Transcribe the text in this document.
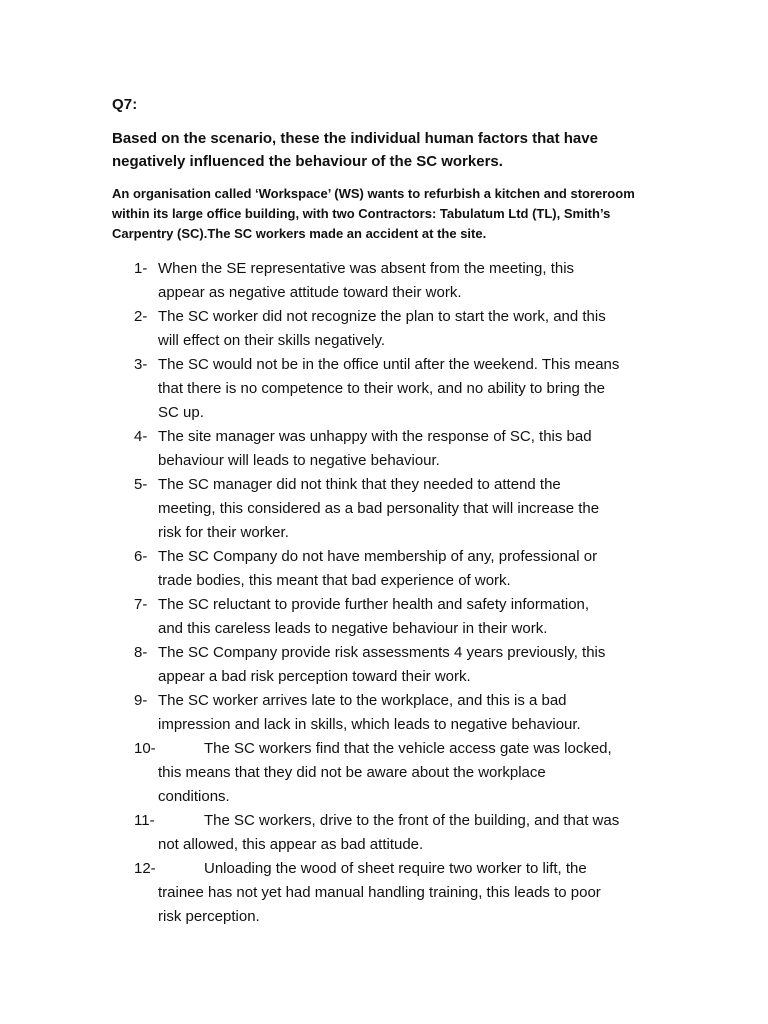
Q7:
Based on the scenario, these the individual human factors that have
negatively influenced the behaviour of the SC workers.
An organisation called ‘Workspace’ (WS) wants to refurbish a kitchen and storeroom
within its large office building, with two Contractors: Tabulatum Ltd (TL), Smith’s
Carpentry (SC).The SC workers made an accident at the site.
1- When the SE representative was absent from the meeting, this
appear as negative attitude toward their work.
2- The SC worker did not recognize the plan to start the work, and this
will effect on their skills negatively.
3- The SC would not be in the office until after the weekend. This means
that there is no competence to their work, and no ability to bring the
SC up.
4- The site manager was unhappy with the response of SC, this bad
behaviour will leads to negative behaviour.
5- The SC manager did not think that they needed to attend the
meeting, this considered as a bad personality that will increase the
risk for their worker.
6- The SC Company do not have membership of any, professional or
trade bodies, this meant that bad experience of work.
7- The SC reluctant to provide further health and safety information,
and this careless leads to negative behaviour in their work.
8- The SC Company provide risk assessments 4 years previously, this
appear a bad risk perception toward their work.
9- The SC worker arrives late to the workplace, and this is a bad
impression and lack in skills, which leads to negative behaviour.
10-	The SC workers find that the vehicle access gate was locked,
this means that they did not be aware about the workplace
conditions.
11-	The SC workers, drive to the front of the building, and that was
not allowed, this appear as bad attitude.
12-	Unloading the wood of sheet require two worker to lift, the
trainee has not yet had manual handling training, this leads to poor
risk perception.
